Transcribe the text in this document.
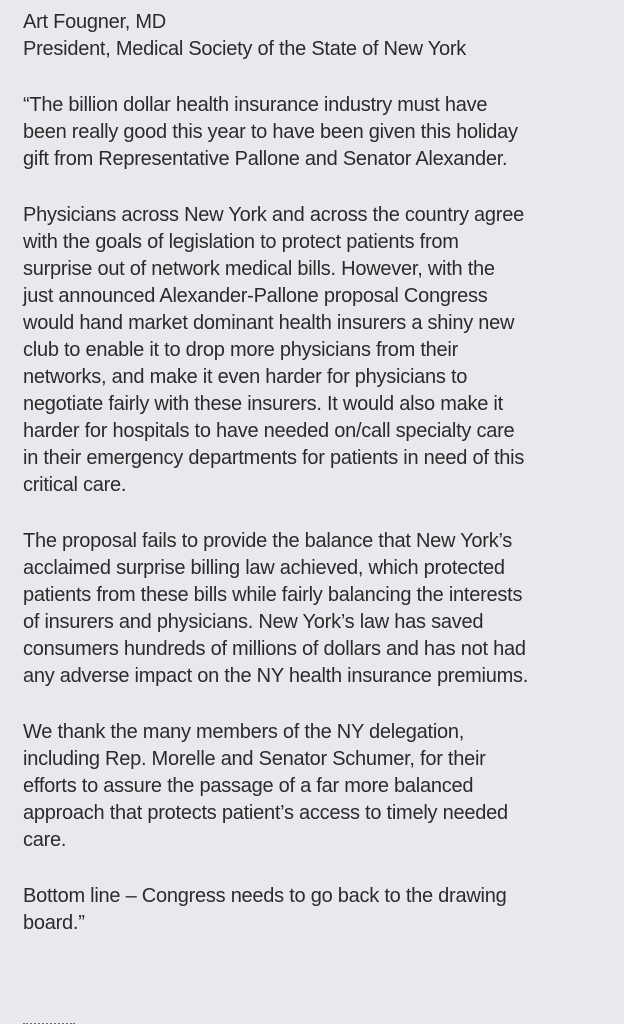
Art Fougner, MD
President, Medical Society of the State of New York
“The billion dollar health insurance industry must have
been really good this year to have been given this holiday
gift from Representative Pallone and Senator Alexander.
Physicians across New York and across the country agree
with the goals of legislation to protect patients from
surprise out of network medical bills. However, with the
just announced Alexander-Pallone proposal Congress
would hand market dominant health insurers a shiny new
club to enable it to drop more physicians from their
networks, and make it even harder for physicians to
negotiate fairly with these insurers. It would also make it
harder for hospitals to have needed on/call specialty care
in their emergency departments for patients in need of this
critical care.
The proposal fails to provide the balance that New York’s
acclaimed surprise billing law achieved, which protected
patients from these bills while fairly balancing the interests
of insurers and physicians. New York’s law has saved
consumers hundreds of millions of dollars and has not had
any adverse impact on the NY health insurance premiums.
We thank the many members of the NY delegation,
including Rep. Morelle and Senator Schumer, for their
efforts to assure the passage of a far more balanced
approach that protects patient’s access to timely needed
care.
Bottom line – Congress needs to go back to the drawing
board.”
